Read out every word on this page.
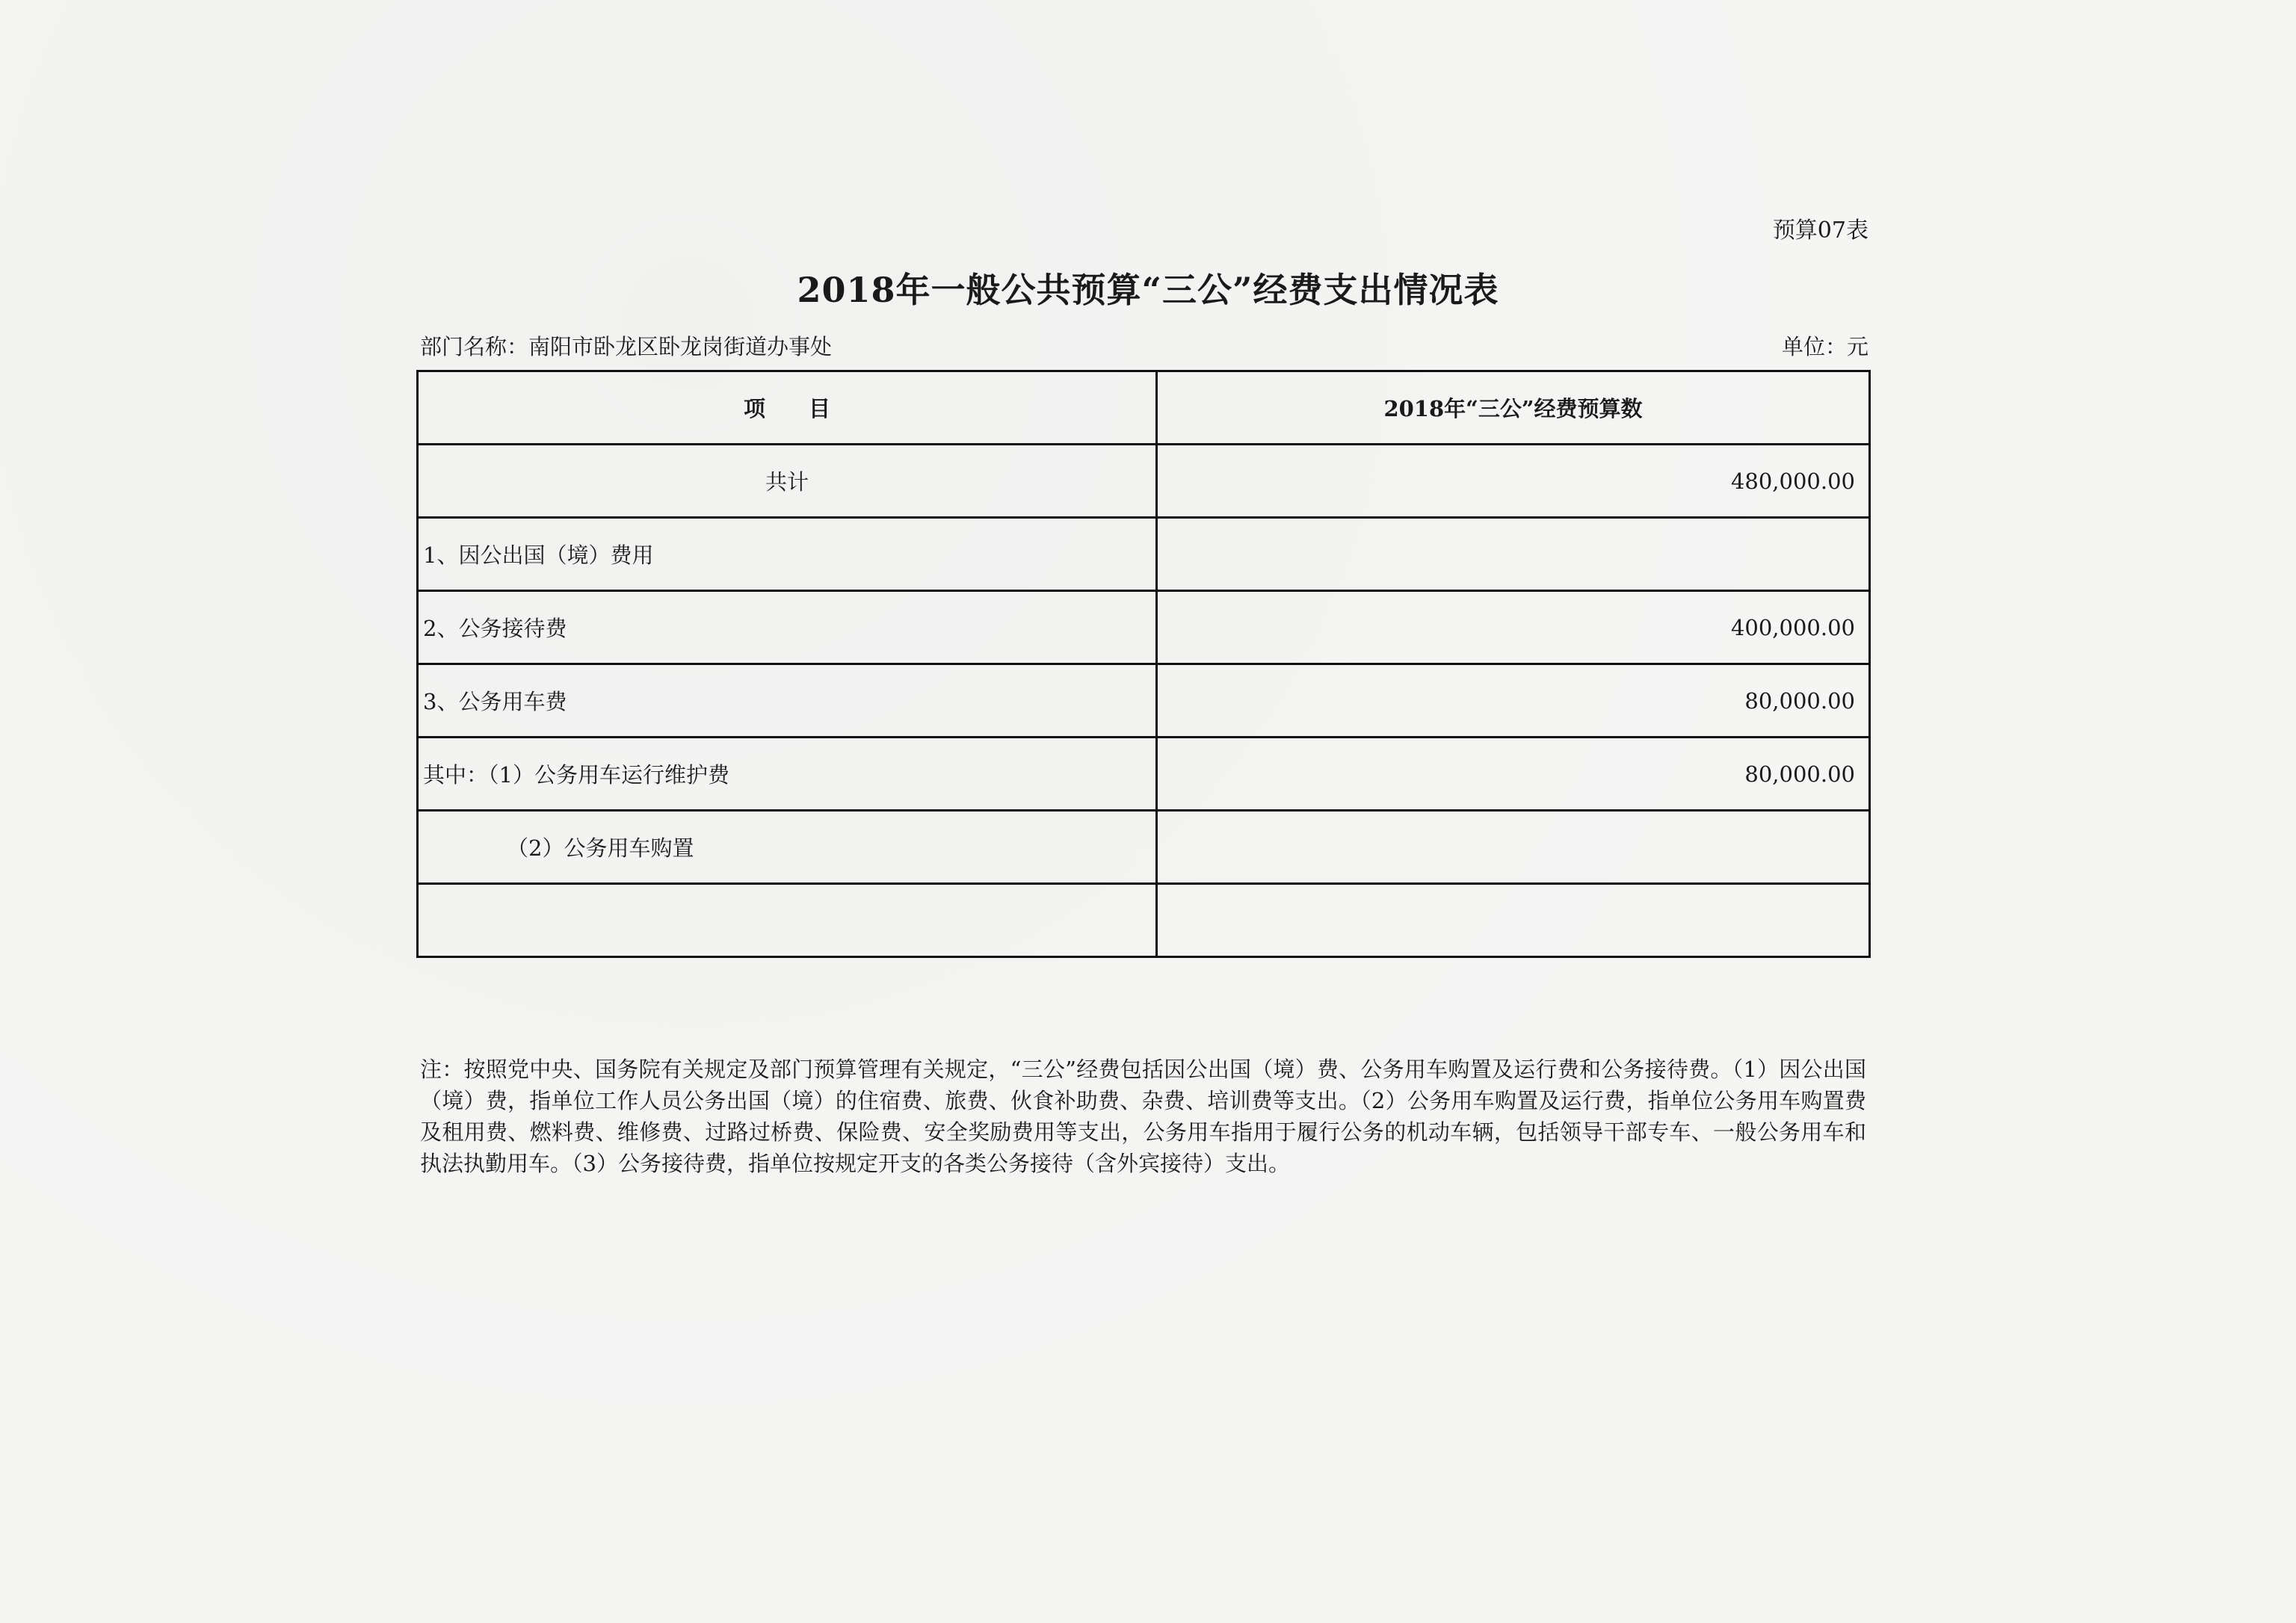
预算07表
2018年一般公共预算“三公”经费支出情况表
部门名称：南阳市卧龙区卧龙岗街道办事处	单位：元
项　　目	2018年“三公”经费预算数
共计	480,000.00
1、因公出国（境）费用	
2、公务接待费	400,000.00
3、公务用车费	80,000.00
其中：（1）公务用车运行维护费	80,000.00
（2）公务用车购置	

注：按照党中央、国务院有关规定及部门预算管理有关规定，“三公”经费包括因公出国（境）费、公务用车购置及运行费和公务接待费。（1）因公出国（境）费，指单位工作人员公务出国（境）的住宿费、旅费、伙食补助费、杂费、培训费等支出。（2）公务用车购置及运行费，指单位公务用车购置费及租用费、燃料费、维修费、过路过桥费、保险费、安全奖励费用等支出，公务用车指用于履行公务的机动车辆，包括领导干部专车、一般公务用车和执法执勤用车。（3）公务接待费，指单位按规定开支的各类公务接待（含外宾接待）支出。
